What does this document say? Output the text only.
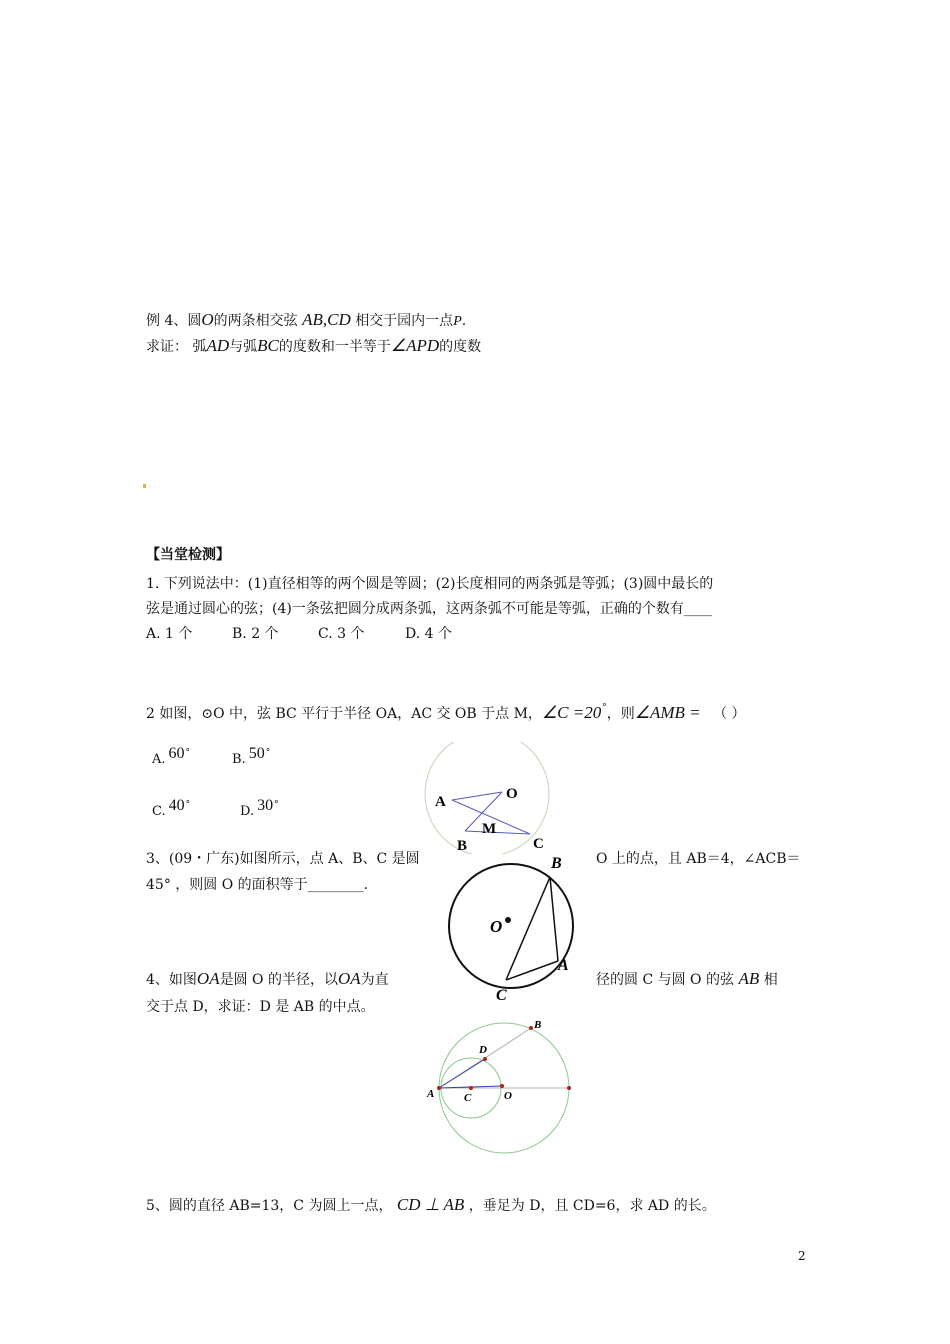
例 4、圆O的两条相交弦 AB,CD 相交于园内一点P.
求证： 弧AD与弧BC的度数和一半等于∠APD的度数
【当堂检测】
1. 下列说法中：(1)直径相等的两个圆是等圆；(2)长度相同的两条弧是等弧；(3)圆中最长的
弦是通过圆心的弦；(4)一条弦把圆分成两条弧，这两条弧不可能是等弧，正确的个数有____
A. 1 个	B. 2 个	C. 3 个	D. 4 个
2 如图，⊙O 中，弦 BC 平行于半径 OA，AC 交 OB 于点 M，∠C =20°，则∠AMB = （ ）
A. 60°	B. 50°
C. 40°	D. 30°	A	O
M
B	C
3、(09・广东)如图所示，点 A、B、C 是圆	O 上的点，且 AB＝4，∠ACB＝
45° ，则圆 O 的面积等于________.
O
B
A
C
4、如图OA是圆 O 的半径，以OA为直	径的圆 C 与圆 O 的弦 AB 相
交于点 D，求证：D 是 AB 的中点。
A
B
C
D
O
5、圆的直径 AB=13，C 为圆上一点， CD ⊥ AB ，垂足为 D，且 CD=6，求 AD 的长。
2
